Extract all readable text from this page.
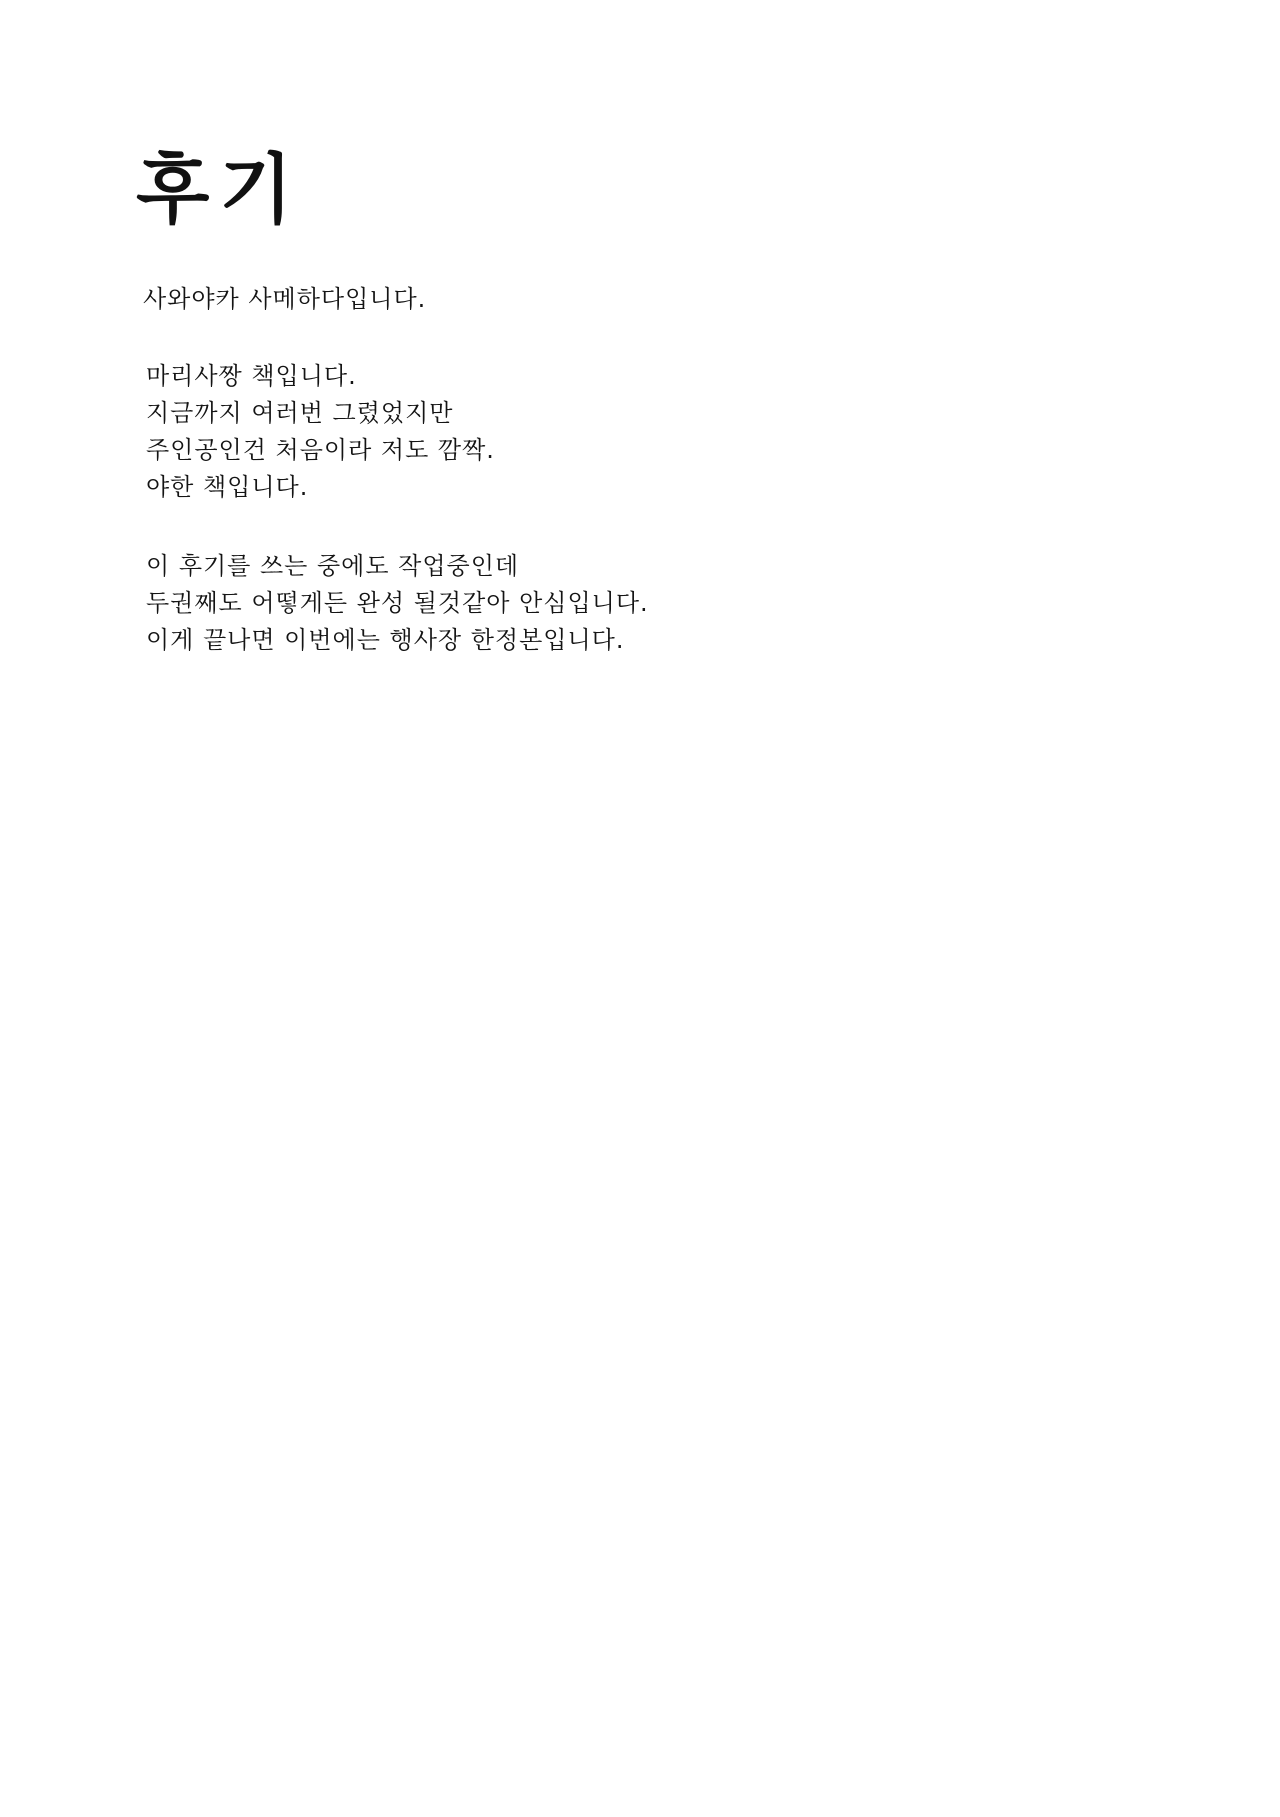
후기
사와야카 사메하다입니다.
마리사짱 책입니다.
지금까지 여러번 그렸었지만
주인공인건 처음이라 저도 깜짝.
야한 책입니다.
이 후기를 쓰는 중에도 작업중인데
두권째도 어떻게든 완성 될것같아 안심입니다.
이게 끝나면 이번에는 행사장 한정본입니다.
